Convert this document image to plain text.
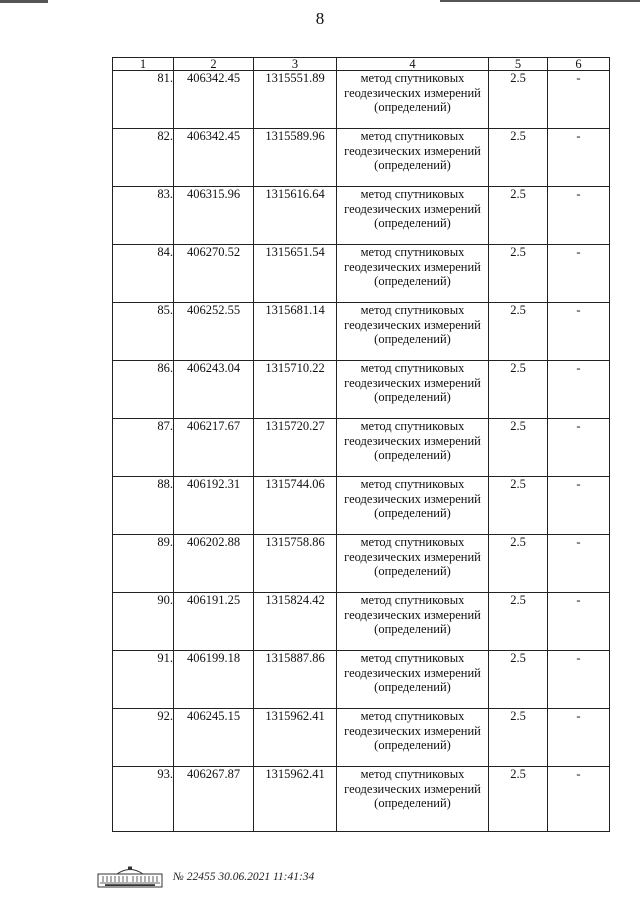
8
1	2	3	4	5	6
81.	406342.45	1315551.89	метод спутниковых геодезических измерений (определений)	2.5	-
82.	406342.45	1315589.96	метод спутниковых геодезических измерений (определений)	2.5	-
83.	406315.96	1315616.64	метод спутниковых геодезических измерений (определений)	2.5	-
84.	406270.52	1315651.54	метод спутниковых геодезических измерений (определений)	2.5	-
85.	406252.55	1315681.14	метод спутниковых геодезических измерений (определений)	2.5	-
86.	406243.04	1315710.22	метод спутниковых геодезических измерений (определений)	2.5	-
87.	406217.67	1315720.27	метод спутниковых геодезических измерений (определений)	2.5	-
88.	406192.31	1315744.06	метод спутниковых геодезических измерений (определений)	2.5	-
89.	406202.88	1315758.86	метод спутниковых геодезических измерений (определений)	2.5	-
90.	406191.25	1315824.42	метод спутниковых геодезических измерений (определений)	2.5	-
91.	406199.18	1315887.86	метод спутниковых геодезических измерений (определений)	2.5	-
92.	406245.15	1315962.41	метод спутниковых геодезических измерений (определений)	2.5	-
93.	406267.87	1315962.41	метод спутниковых геодезических измерений (определений)	2.5	-
№ 22455 30.06.2021 11:41:34
